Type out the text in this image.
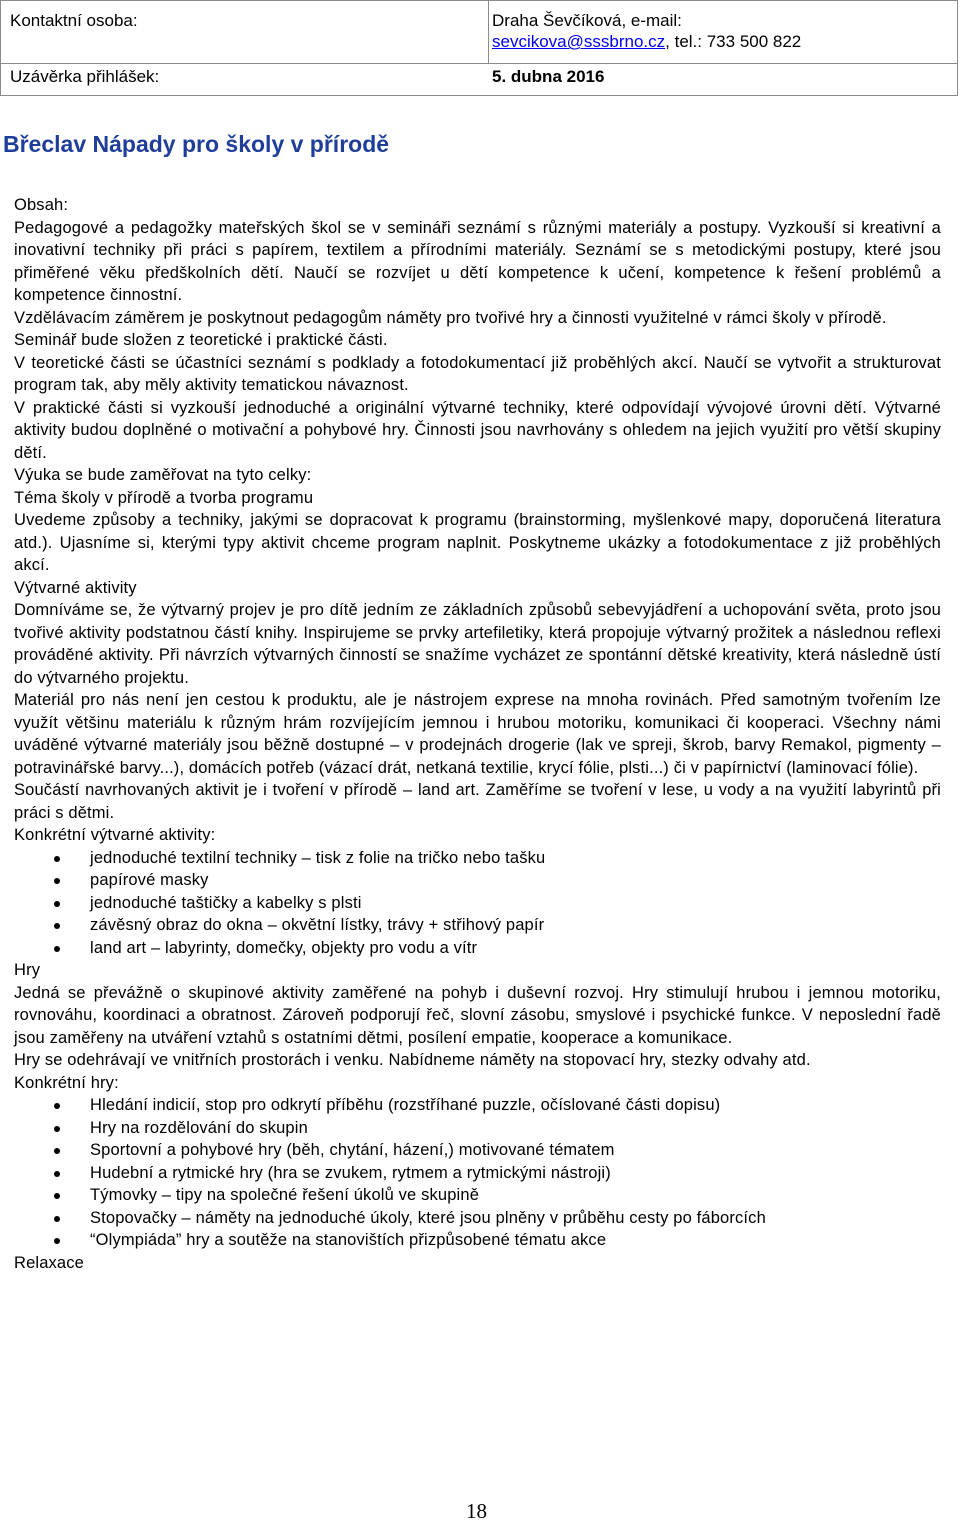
Kontaktní osoba:	Draha Ševčíková, e-mail:
sevcikova@sssbrno.cz, tel.: 733 500 822
Uzávěrka přihlášek:	5. dubna 2016
Břeclav Nápady pro školy v přírodě

Obsah:

Pedagogové a pedagožky mateřských škol se v semináři seznámí s různými materiály a postupy. Vyzkouší si kreativní a inovativní techniky při práci s papírem, textilem a přírodními materiály. Seznámí se s metodickými postupy, které jsou přiměřené věku předškolních dětí. Naučí se rozvíjet u dětí kompetence k učení, kompetence k řešení problémů a kompetence činnostní.

Vzdělávacím záměrem je poskytnout pedagogům náměty pro tvořivé hry a činnosti využitelné v rámci školy v přírodě.

Seminář bude složen z teoretické i praktické části.

V teoretické části se účastníci seznámí s podklady a fotodokumentací již proběhlých akcí. Naučí se vytvořit a strukturovat program tak, aby měly aktivity tematickou návaznost.

V praktické části si vyzkouší jednoduché a originální výtvarné techniky, které odpovídají vývojové úrovni dětí. Výtvarné aktivity budou doplněné o motivační a pohybové hry. Činnosti jsou navrhovány s ohledem na jejich využití pro větší skupiny dětí.

Výuka se bude zaměřovat na tyto celky:

Téma školy v přírodě a tvorba programu

Uvedeme způsoby a techniky, jakými se dopracovat k programu (brainstorming, myšlenkové mapy, doporučená literatura atd.). Ujasníme si, kterými typy aktivit chceme program naplnit. Poskytneme ukázky a fotodokumentace z již proběhlých akcí.

Výtvarné aktivity

Domníváme se, že výtvarný projev je pro dítě jedním ze základních způsobů sebevyjádření a uchopování světa, proto jsou tvořivé aktivity podstatnou částí knihy. Inspirujeme se prvky artefiletiky, která propojuje výtvarný prožitek a následnou reflexi prováděné aktivity. Při návrzích výtvarných činností se snažíme vycházet ze spontánní dětské kreativity, která následně ústí do výtvarného projektu.

Materiál pro nás není jen cestou k produktu, ale je nástrojem exprese na mnoha rovinách. Před samotným tvořením lze využít většinu materiálu k různým hrám rozvíjejícím jemnou i hrubou motoriku, komunikaci či kooperaci. Všechny námi uváděné výtvarné materiály jsou běžně dostupné – v prodejnách drogerie (lak ve spreji, škrob, barvy Remakol, pigmenty – potravinářské barvy...), domácích potřeb (vázací drát, netkaná textilie, krycí fólie, plsti...) či v papírnictví (laminovací fólie).

Součástí navrhovaných aktivit je i tvoření v přírodě – land art. Zaměříme se tvoření v lese, u vody a na využití labyrintů při práci s dětmi.

Konkrétní výtvarné aktivity:

jednoduché textilní techniky – tisk z folie na tričko nebo tašku
papírové masky
jednoduché taštičky a kabelky s plsti
závěsný obraz do okna – okvětní lístky, trávy + střihový papír
land art – labyrinty, domečky, objekty pro vodu a vítr

Hry

Jedná se převážně o skupinové aktivity zaměřené na pohyb i duševní rozvoj. Hry stimulují hrubou i jemnou motoriku, rovnováhu, koordinaci a obratnost. Zároveň podporují řeč, slovní zásobu, smyslové i psychické funkce. V neposlední řadě jsou zaměřeny na utváření vztahů s ostatními dětmi, posílení empatie, kooperace a komunikace.

Hry se odehrávají ve vnitřních prostorách i venku. Nabídneme náměty na stopovací hry, stezky odvahy atd.

Konkrétní hry:

Hledání indicií, stop pro odkrytí příběhu (rozstříhané puzzle, očíslované části dopisu)
Hry na rozdělování do skupin
Sportovní a pohybové hry (běh, chytání, házení,) motivované tématem
Hudební a rytmické hry (hra se zvukem, rytmem a rytmickými nástroji)
Týmovky – tipy na společné řešení úkolů ve skupině
Stopovačky – náměty na jednoduché úkoly, které jsou plněny v průběhu cesty po fáborcích
“Olympiáda” hry a soutěže na stanovištích přizpůsobené tématu akce

Relaxace

18
